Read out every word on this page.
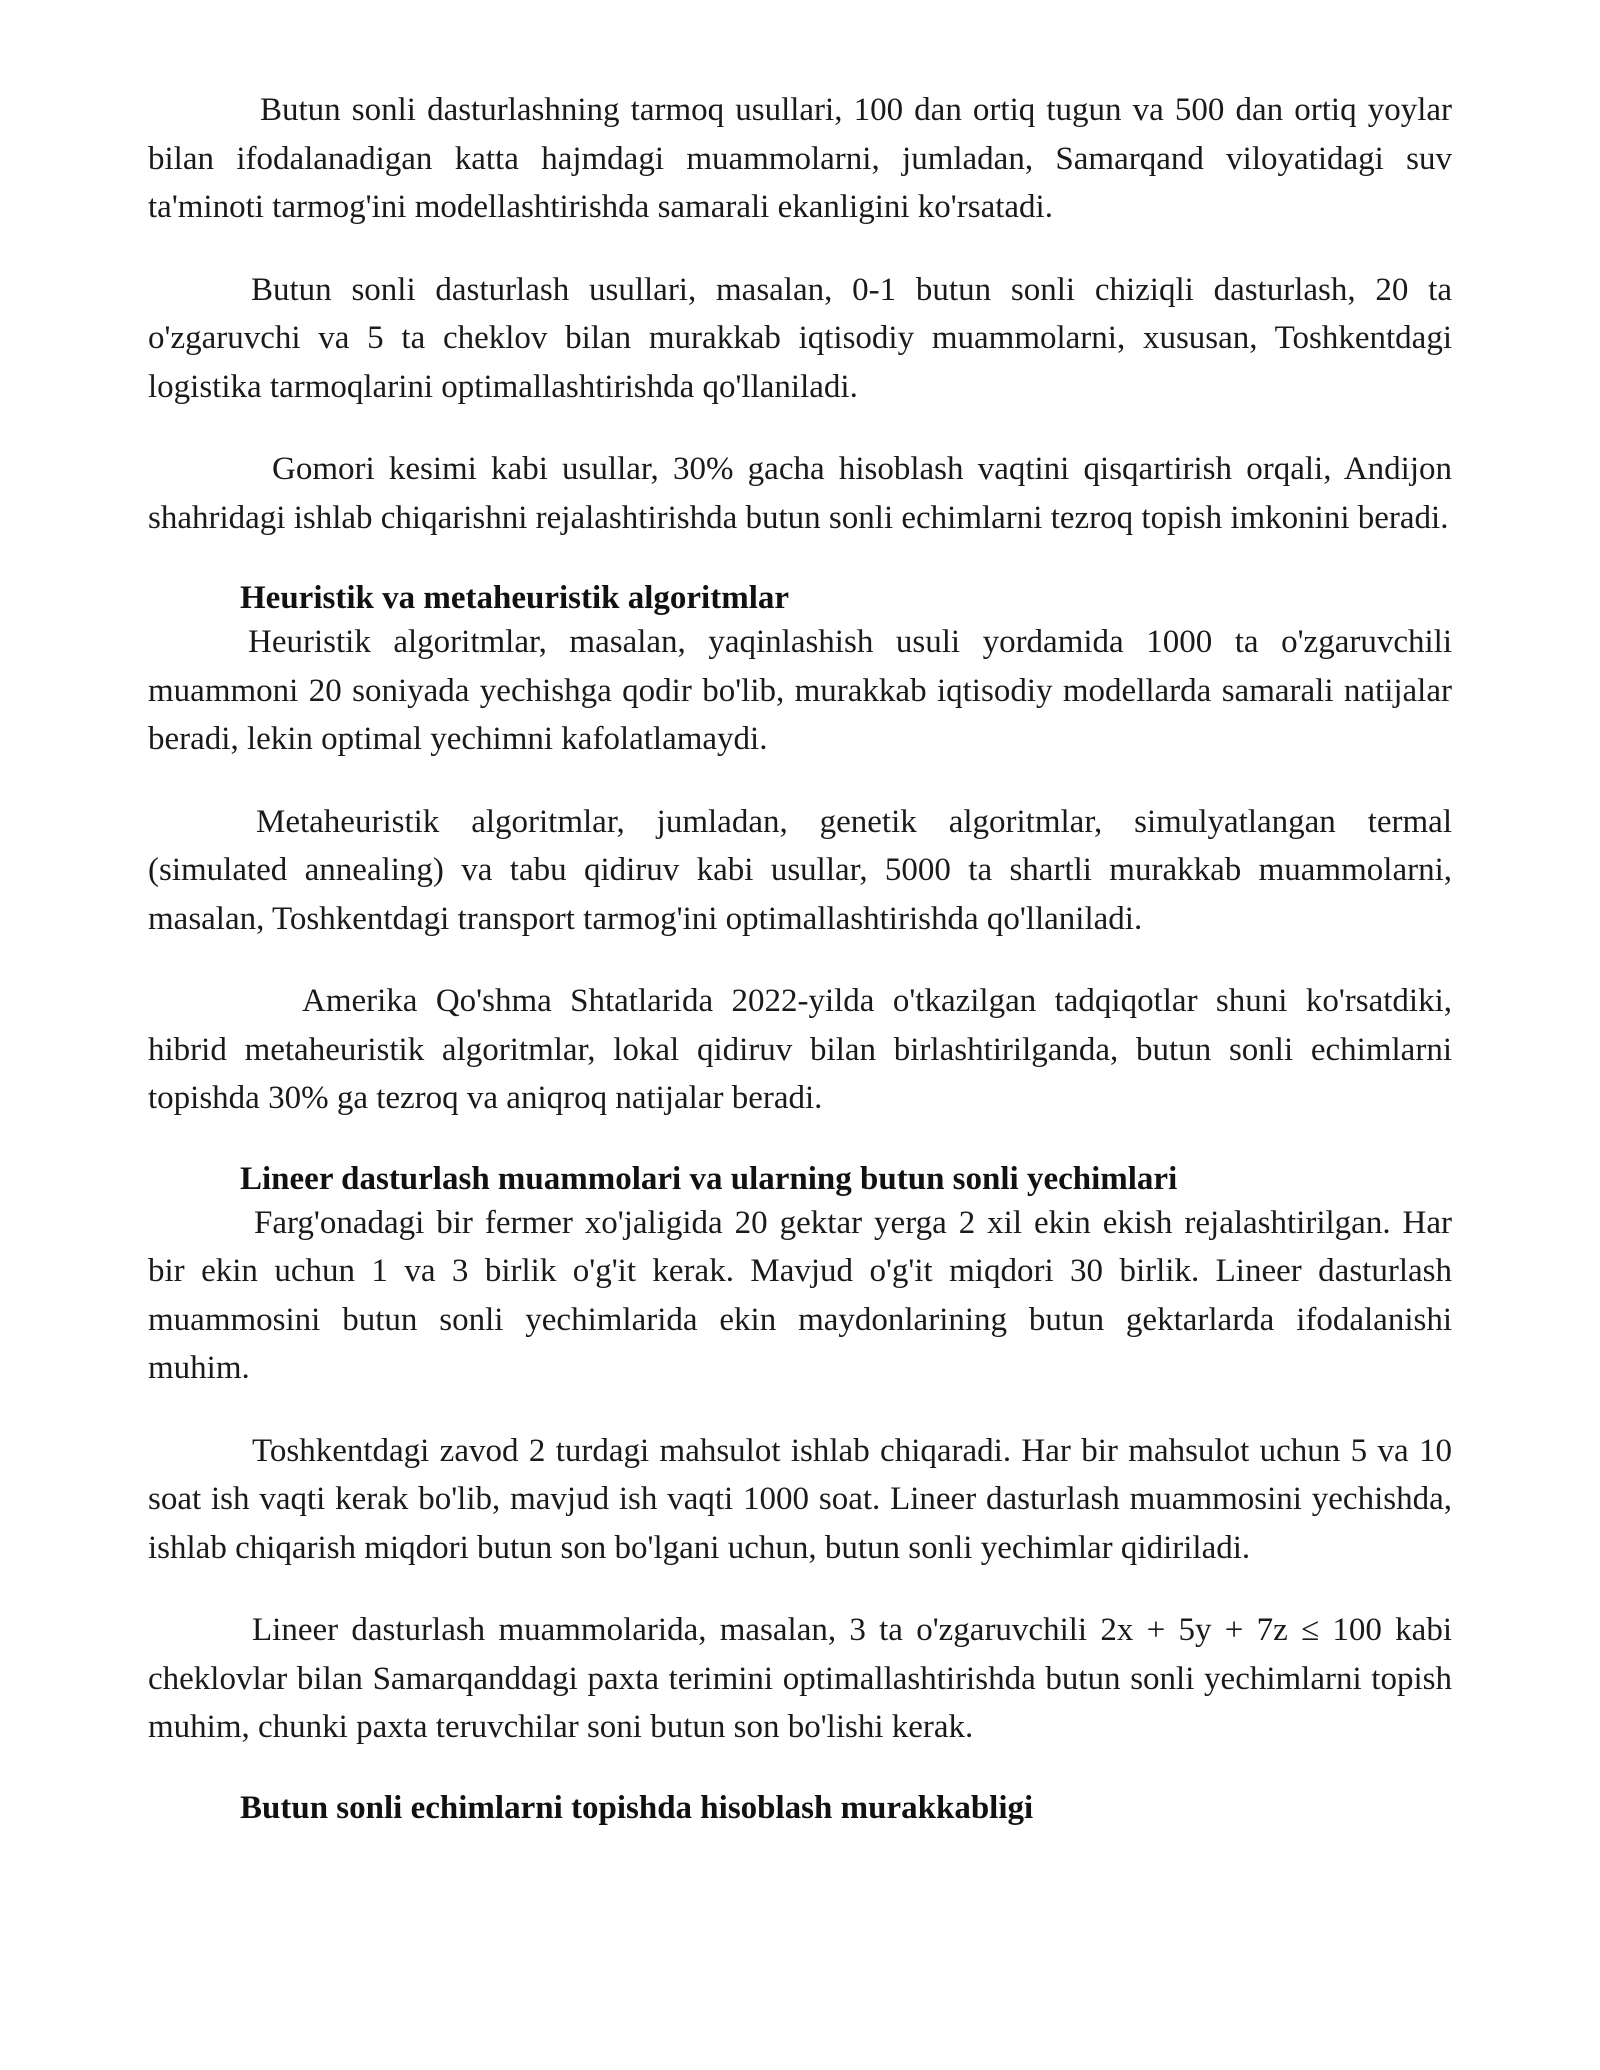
Butun sonli dasturlashning tarmoq usullari, 100 dan ortiq tugun va 500 dan ortiq yoylar bilan ifodalanadigan katta hajmdagi muammolarni, jumladan, Samarqand viloyatidagi suv ta'minoti tarmog'ini modellashtirishda samarali ekanligini ko'rsatadi.

Butun sonli dasturlash usullari, masalan, 0-1 butun sonli chiziqli dasturlash, 20 ta o'zgaruvchi va 5 ta cheklov bilan murakkab iqtisodiy muammolarni, xususan, Toshkentdagi logistika tarmoqlarini optimallashtirishda qo'llaniladi.

Gomori kesimi kabi usullar, 30% gacha hisoblash vaqtini qisqartirish orqali, Andijon shahridagi ishlab chiqarishni rejalashtirishda butun sonli echimlarni tezroq topish imkonini beradi.

Heuristik va metaheuristik algoritmlar

Heuristik algoritmlar, masalan, yaqinlashish usuli yordamida 1000 ta o'zgaruvchili muammoni 20 soniyada yechishga qodir bo'lib, murakkab iqtisodiy modellarda samarali natijalar beradi, lekin optimal yechimni kafolatlamaydi.

Metaheuristik algoritmlar, jumladan, genetik algoritmlar, simulyatlangan termal (simulated annealing) va tabu qidiruv kabi usullar, 5000 ta shartli murakkab muammolarni, masalan, Toshkentdagi transport tarmog'ini optimallashtirishda qo'llaniladi.

Amerika Qo'shma Shtatlarida 2022-yilda o'tkazilgan tadqiqotlar shuni ko'rsatdiki, hibrid metaheuristik algoritmlar, lokal qidiruv bilan birlashtirilganda, butun sonli echimlarni topishda 30% ga tezroq va aniqroq natijalar beradi.

Lineer dasturlash muammolari va ularning butun sonli yechimlari

Farg'onadagi bir fermer xo'jaligida 20 gektar yerga 2 xil ekin ekish rejalashtirilgan. Har bir ekin uchun 1 va 3 birlik o'g'it kerak. Mavjud o'g'it miqdori 30 birlik. Lineer dasturlash muammosini butun sonli yechimlarida ekin maydonlarining butun gektarlarda ifodalanishi muhim.

Toshkentdagi zavod 2 turdagi mahsulot ishlab chiqaradi. Har bir mahsulot uchun 5 va 10 soat ish vaqti kerak bo'lib, mavjud ish vaqti 1000 soat. Lineer dasturlash muammosini yechishda, ishlab chiqarish miqdori butun son bo'lgani uchun, butun sonli yechimlar qidiriladi.

Lineer dasturlash muammolarida, masalan, 3 ta o'zgaruvchili 2x + 5y + 7z ≤ 100 kabi cheklovlar bilan Samarqanddagi paxta terimini optimallashtirishda butun sonli yechimlarni topish muhim, chunki paxta teruvchilar soni butun son bo'lishi kerak.

Butun sonli echimlarni topishda hisoblash murakkabligi
